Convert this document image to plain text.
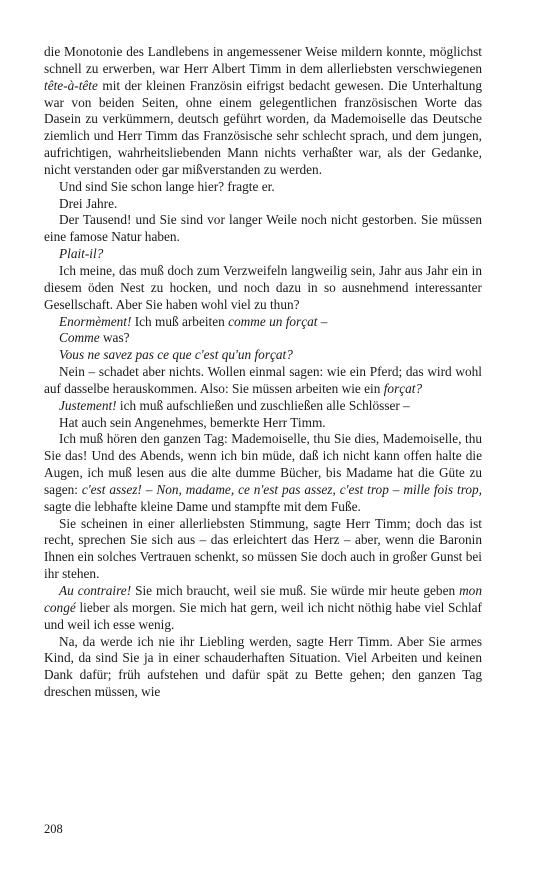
die Monotonie des Landlebens in angemessener Weise mildern konnte, möglichst schnell zu erwerben, war Herr Albert Timm in dem allerliebsten verschwiegenen tête-à-tête mit der kleinen Französin eifrigst bedacht gewesen. Die Unterhaltung war von beiden Seiten, ohne einem gelegentlichen französischen Worte das Dasein zu verkümmern, deutsch geführt worden, da Mademoiselle das Deutsche ziemlich und Herr Timm das Französische sehr schlecht sprach, und dem jungen, aufrichtigen, wahrheitsliebenden Mann nichts verhaßter war, als der Gedanke, nicht verstanden oder gar mißverstanden zu werden.

Und sind Sie schon lange hier? fragte er.

Drei Jahre.

Der Tausend! und Sie sind vor langer Weile noch nicht gestorben. Sie müssen eine famose Natur haben.

Plait-il?

Ich meine, das muß doch zum Verzweifeln langweilig sein, Jahr aus Jahr ein in diesem öden Nest zu hocken, und noch dazu in so ausnehmend interessanter Gesellschaft. Aber Sie haben wohl viel zu thun?

Enormèment! Ich muß arbeiten comme un forçat –

Comme was?

Vous ne savez pas ce que c'est qu'un forçat?

Nein – schadet aber nichts. Wollen einmal sagen: wie ein Pferd; das wird wohl auf dasselbe herauskommen. Also: Sie müssen arbeiten wie ein forçat?

Justement! ich muß aufschließen und zuschließen alle Schlösser –

Hat auch sein Angenehmes, bemerkte Herr Timm.

Ich muß hören den ganzen Tag: Mademoiselle, thu Sie dies, Mademoiselle, thu Sie das! Und des Abends, wenn ich bin müde, daß ich nicht kann offen halte die Augen, ich muß lesen aus die alte dumme Bücher, bis Madame hat die Güte zu sagen: c'est assez! – Non, madame, ce n'est pas assez, c'est trop – mille fois trop, sagte die lebhafte kleine Dame und stampfte mit dem Fuße.

Sie scheinen in einer allerliebsten Stimmung, sagte Herr Timm; doch das ist recht, sprechen Sie sich aus – das erleichtert das Herz – aber, wenn die Baronin Ihnen ein solches Vertrauen schenkt, so müssen Sie doch auch in großer Gunst bei ihr stehen.

Au contraire! Sie mich braucht, weil sie muß. Sie würde mir heute geben mon congé lieber als morgen. Sie mich hat gern, weil ich nicht nöthig habe viel Schlaf und weil ich esse wenig.

Na, da werde ich nie ihr Liebling werden, sagte Herr Timm. Aber Sie armes Kind, da sind Sie ja in einer schauderhaften Situation. Viel Arbeiten und keinen Dank dafür; früh aufstehen und dafür spät zu Bette gehen; den ganzen Tag dreschen müssen, wie

208
